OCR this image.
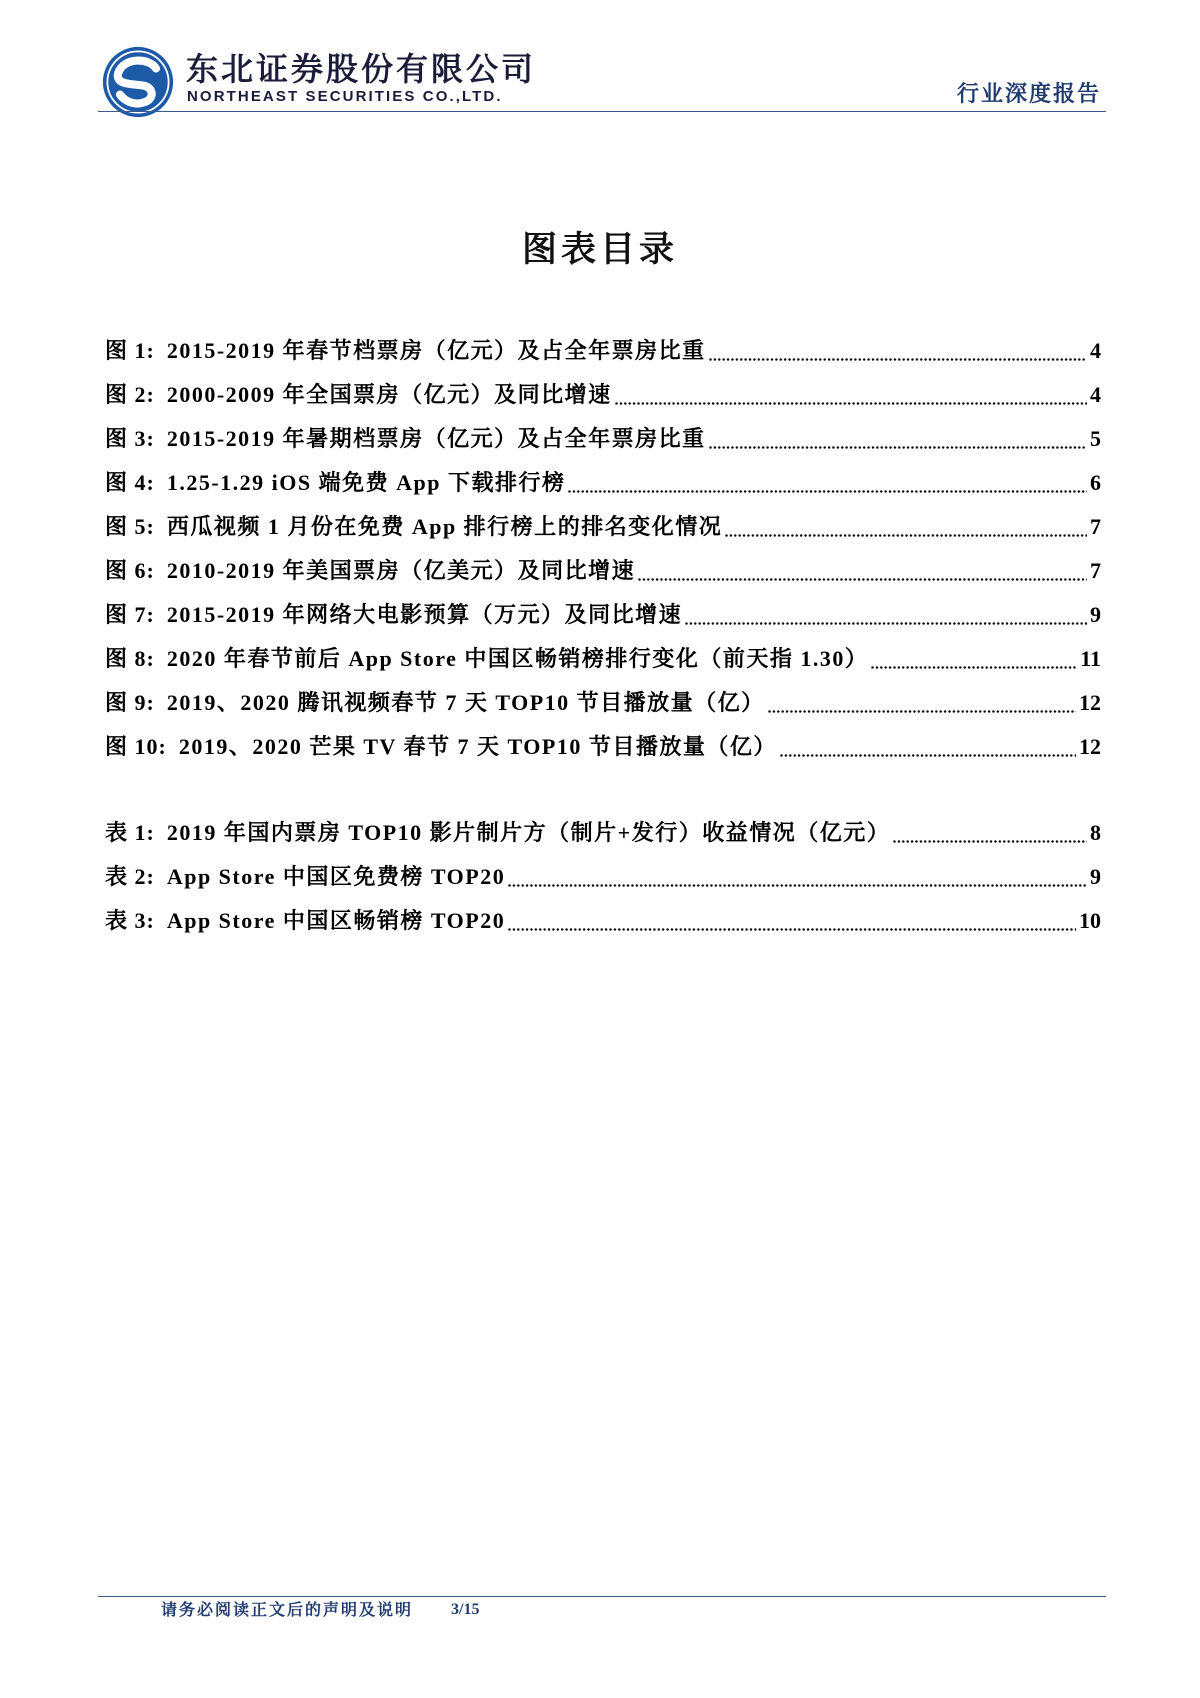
东北证券股份有限公司
NORTHEAST SECURITIES CO.,LTD.	行业深度报告
图表目录
图 1: 2015-2019 年春节档票房（亿元）及占全年票房比重	4
图 2: 2000-2009 年全国票房（亿元）及同比增速	4
图 3: 2015-2019 年暑期档票房（亿元）及占全年票房比重	5
图 4: 1.25-1.29 iOS 端免费 App 下载排行榜	6
图 5: 西瓜视频 1 月份在免费 App 排行榜上的排名变化情况	7
图 6: 2010-2019 年美国票房（亿美元）及同比增速	7
图 7: 2015-2019 年网络大电影预算（万元）及同比增速	9
图 8: 2020 年春节前后 App Store 中国区畅销榜排行变化（前天指 1.30）	11
图 9: 2019、2020 腾讯视频春节 7 天 TOP10 节目播放量（亿）	12
图 10: 2019、2020 芒果 TV 春节 7 天 TOP10 节目播放量（亿）	12
表 1: 2019 年国内票房 TOP10 影片制片方（制片+发行）收益情况（亿元）	8
表 2: App Store 中国区免费榜 TOP20	9
表 3: App Store 中国区畅销榜 TOP20	10
请务必阅读正文后的声明及说明 3/15
